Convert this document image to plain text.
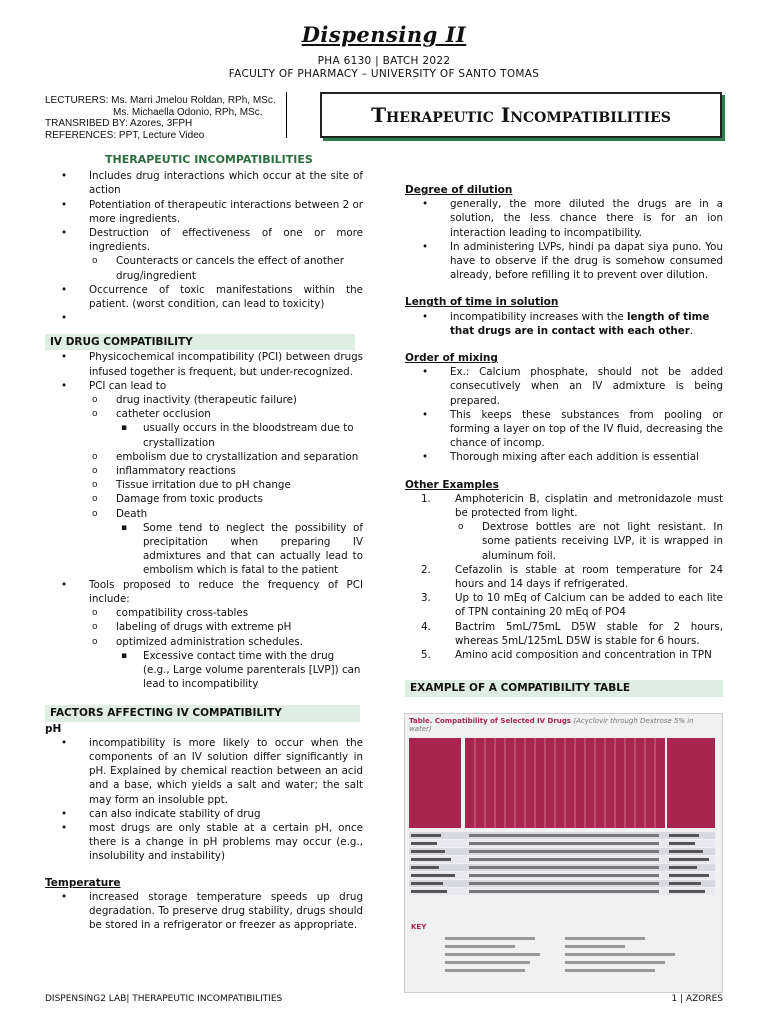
Dispensing II
PHA 6130 | BATCH 2022
FACULTY OF PHARMACY – UNIVERSITY OF SANTO TOMAS
LECTURERS: Ms. Marri Jmelou Roldan, RPh, MSc.
Ms. Michaella Odonio, RPh, MSc.
TRANSRIBED BY: Azores, 3FPH
REFERENCES: PPT, Lecture Video
Therapeutic Incompatibilities
THERAPEUTIC INCOMPATIBILITIES

• Includes drug interactions which occur at the site of action

• Potentiation of therapeutic interactions between 2 or more ingredients.

• Destruction of effectiveness of one or more ingredients.

o Counteracts or cancels the effect of another drug/ingredient

• Occurrence of toxic manifestations within the patient. (worst condition, can lead to toxicity)

•

IV DRUG COMPATIBILITY

• Physicochemical incompatibility (PCI) between drugs infused together is frequent, but under-recognized.

• PCI can lead to

o drug inactivity (therapeutic failure)

o catheter occlusion

▪ usually occurs in the bloodstream due to crystallization

o embolism due to crystallization and separation

o inflammatory reactions

o Tissue irritation due to pH change

o Damage from toxic products

o Death

▪ Some tend to neglect the possibility of precipitation when preparing IV admixtures and that can actually lead to embolism which is fatal to the patient

• Tools proposed to reduce the frequency of PCI include:

o compatibility cross-tables

o labeling of drugs with extreme pH

o optimized administration schedules.

▪ Excessive contact time with the drug (e.g., Large volume parenterals [LVP]) can lead to incompatibility

FACTORS AFFECTING IV COMPATIBILITY
pH

• incompatibility is more likely to occur when the components of an IV solution differ significantly in pH. Explained by chemical reaction between an acid and a base, which yields a salt and water; the salt may form an insoluble ppt.

• can also indicate stability of drug

• most drugs are only stable at a certain pH, once there is a change in pH problems may occur (e.g., insolubility and instability)

Temperature

• increased storage temperature speeds up drug degradation. To preserve drug stability, drugs should be stored in a refrigerator or freezer as appropriate.

Degree of dilution

• generally, the more diluted the drugs are in a solution, the less chance there is for an ion interaction leading to incompatibility.

• In administering LVPs, hindi pa dapat siya puno. You have to observe if the drug is somehow consumed already, before refilling it to prevent over dilution.

Length of time in solution

• incompatibility increases with the length of time that drugs are in contact with each other.

Order of mixing

• Ex.: Calcium phosphate, should not be added consecutively when an IV admixture is being prepared.

• This keeps these substances from pooling or forming a layer on top of the IV fluid, decreasing the chance of incomp.

• Thorough mixing after each addition is essential

Other Examples

1. Amphotericin B, cisplatin and metronidazole must be protected from light.

o Dextrose bottles are not light resistant. In some patients receiving LVP, it is wrapped in aluminum foil.

2. Cefazolin is stable at room temperature for 24 hours and 14 days if refrigerated.

3. Up to 10 mEq of Calcium can be added to each lite of TPN containing 20 mEq of PO4

4. Bactrim 5mL/75mL D5W stable for 2 hours, whereas 5mL/125mL D5W is stable for 6 hours.

5. Amino acid composition and concentration in TPN

EXAMPLE OF A COMPATIBILITY TABLE
Table. Compatibility of Selected IV Drugs (Acyclovir through Dextrose 5% in water)
KEY
DISPENSING2 LAB| THERAPEUTIC INCOMPATIBILITIES	1 | AZORES
